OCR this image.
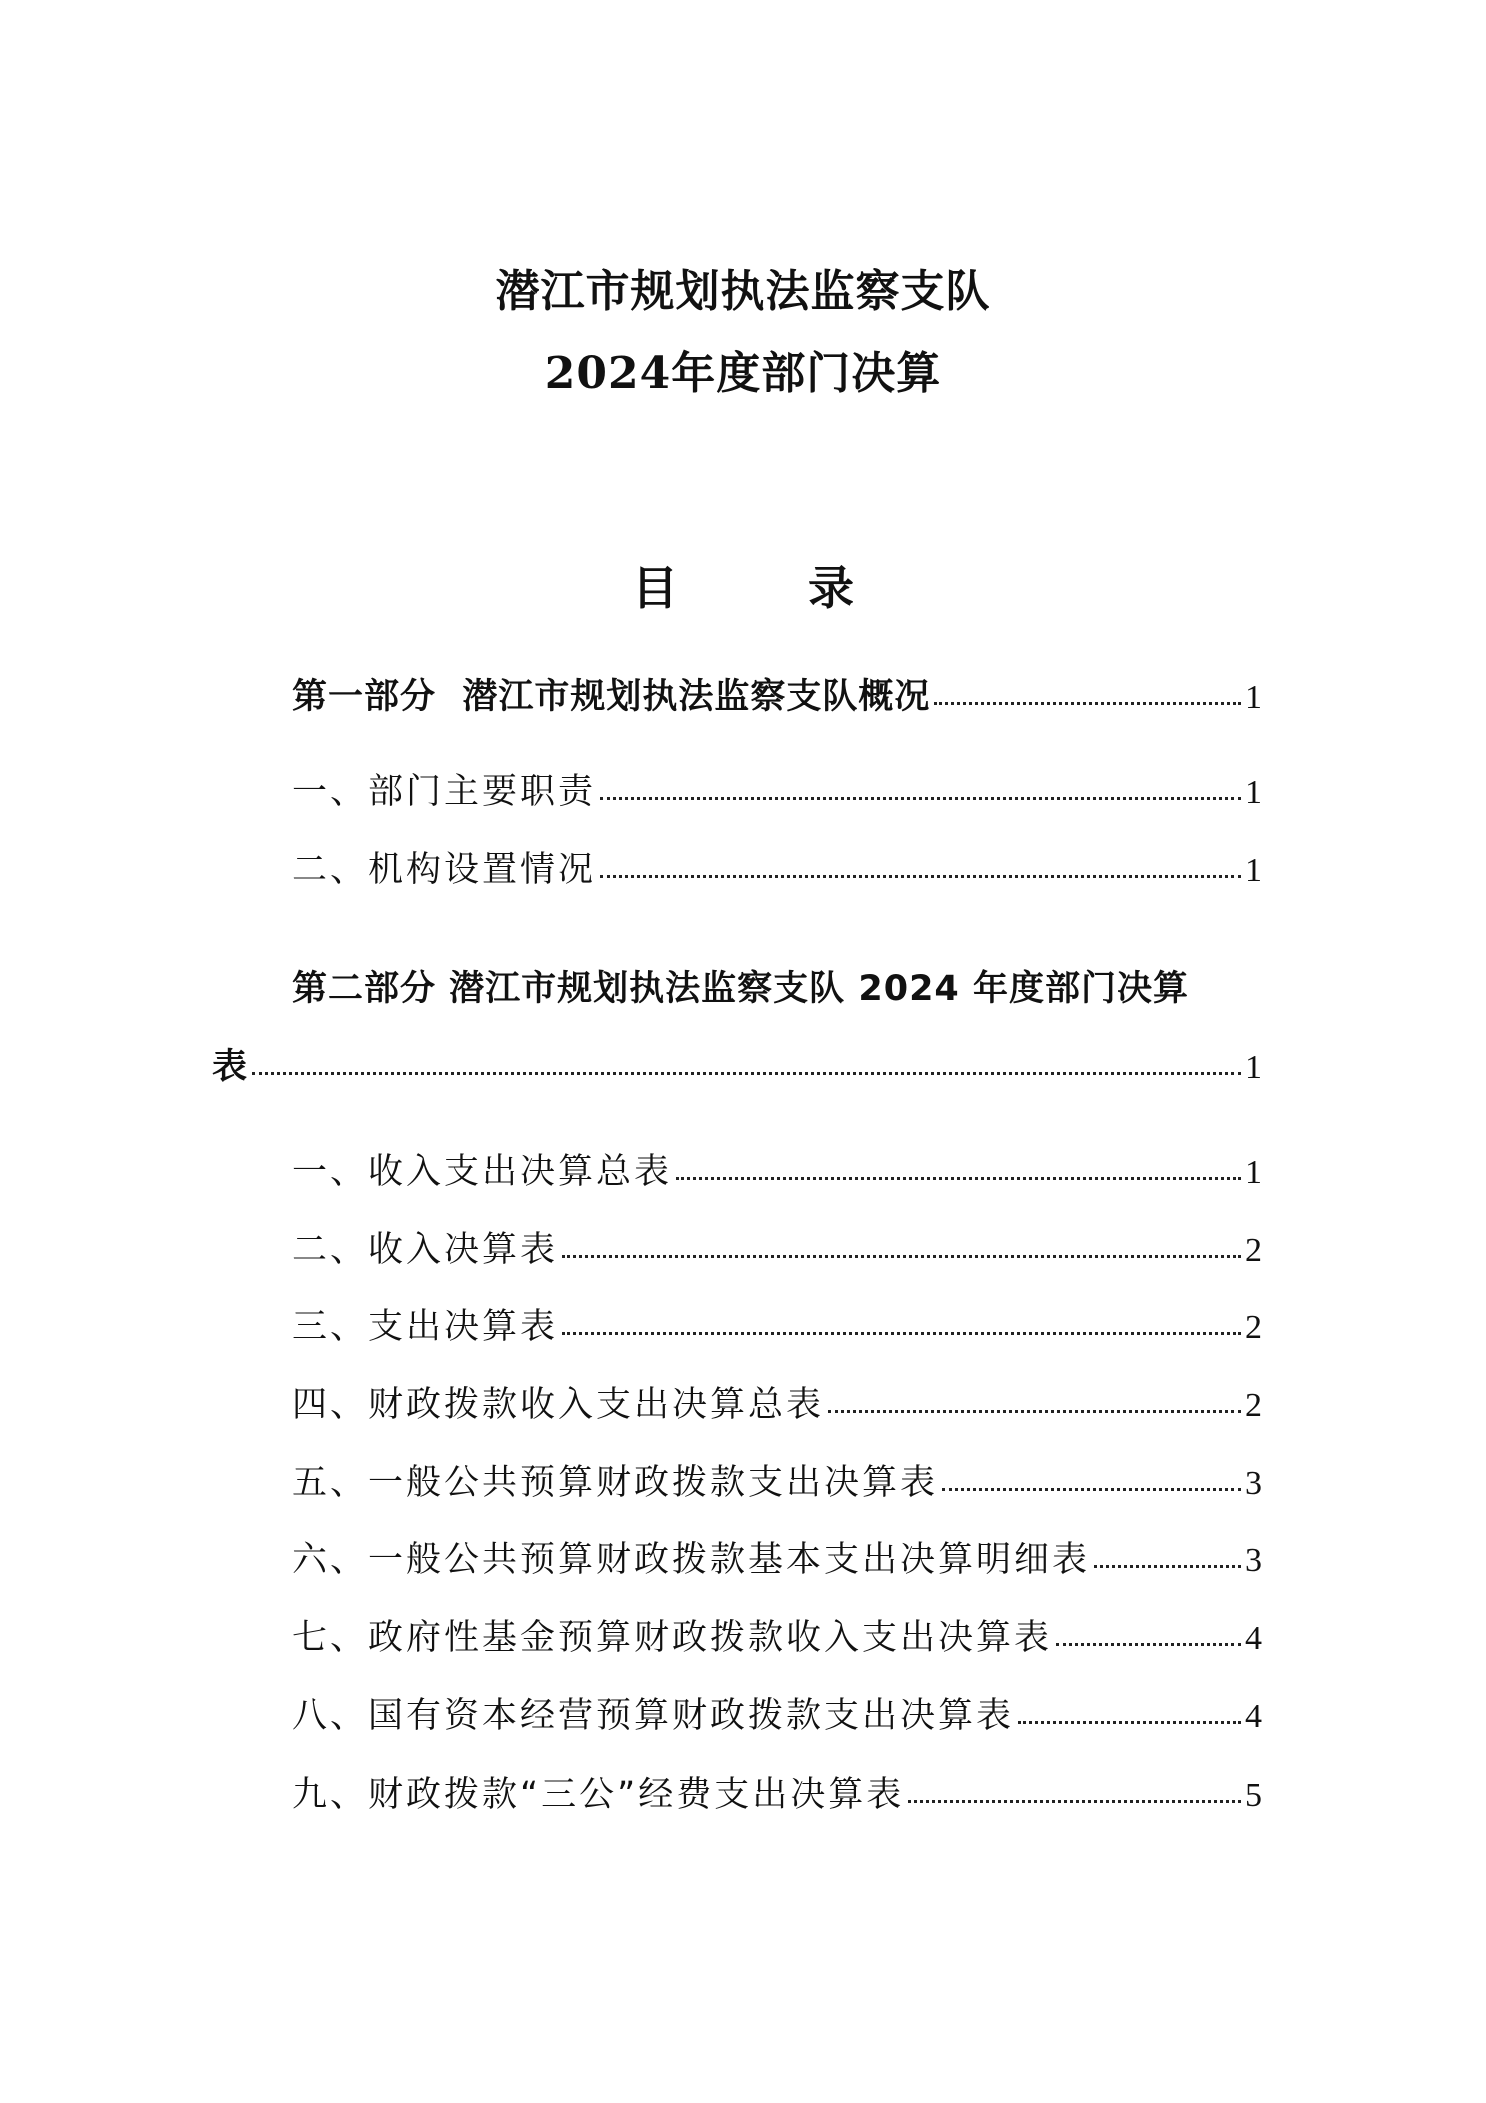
潜江市规划执法监察支队
2024年度部门决算
目	录
第一部分  潜江市规划执法监察支队概况	1
一、部门主要职责	1
二、机构设置情况	1
第二部分 潜江市规划执法监察支队 2024 年度部门决算
表	1
一、收入支出决算总表	1
二、收入决算表	2
三、支出决算表	2
四、财政拨款收入支出决算总表	2
五、一般公共预算财政拨款支出决算表	3
六、一般公共预算财政拨款基本支出决算明细表	3
七、政府性基金预算财政拨款收入支出决算表	4
八、国有资本经营预算财政拨款支出决算表	4
九、财政拨款“三公”经费支出决算表	5
